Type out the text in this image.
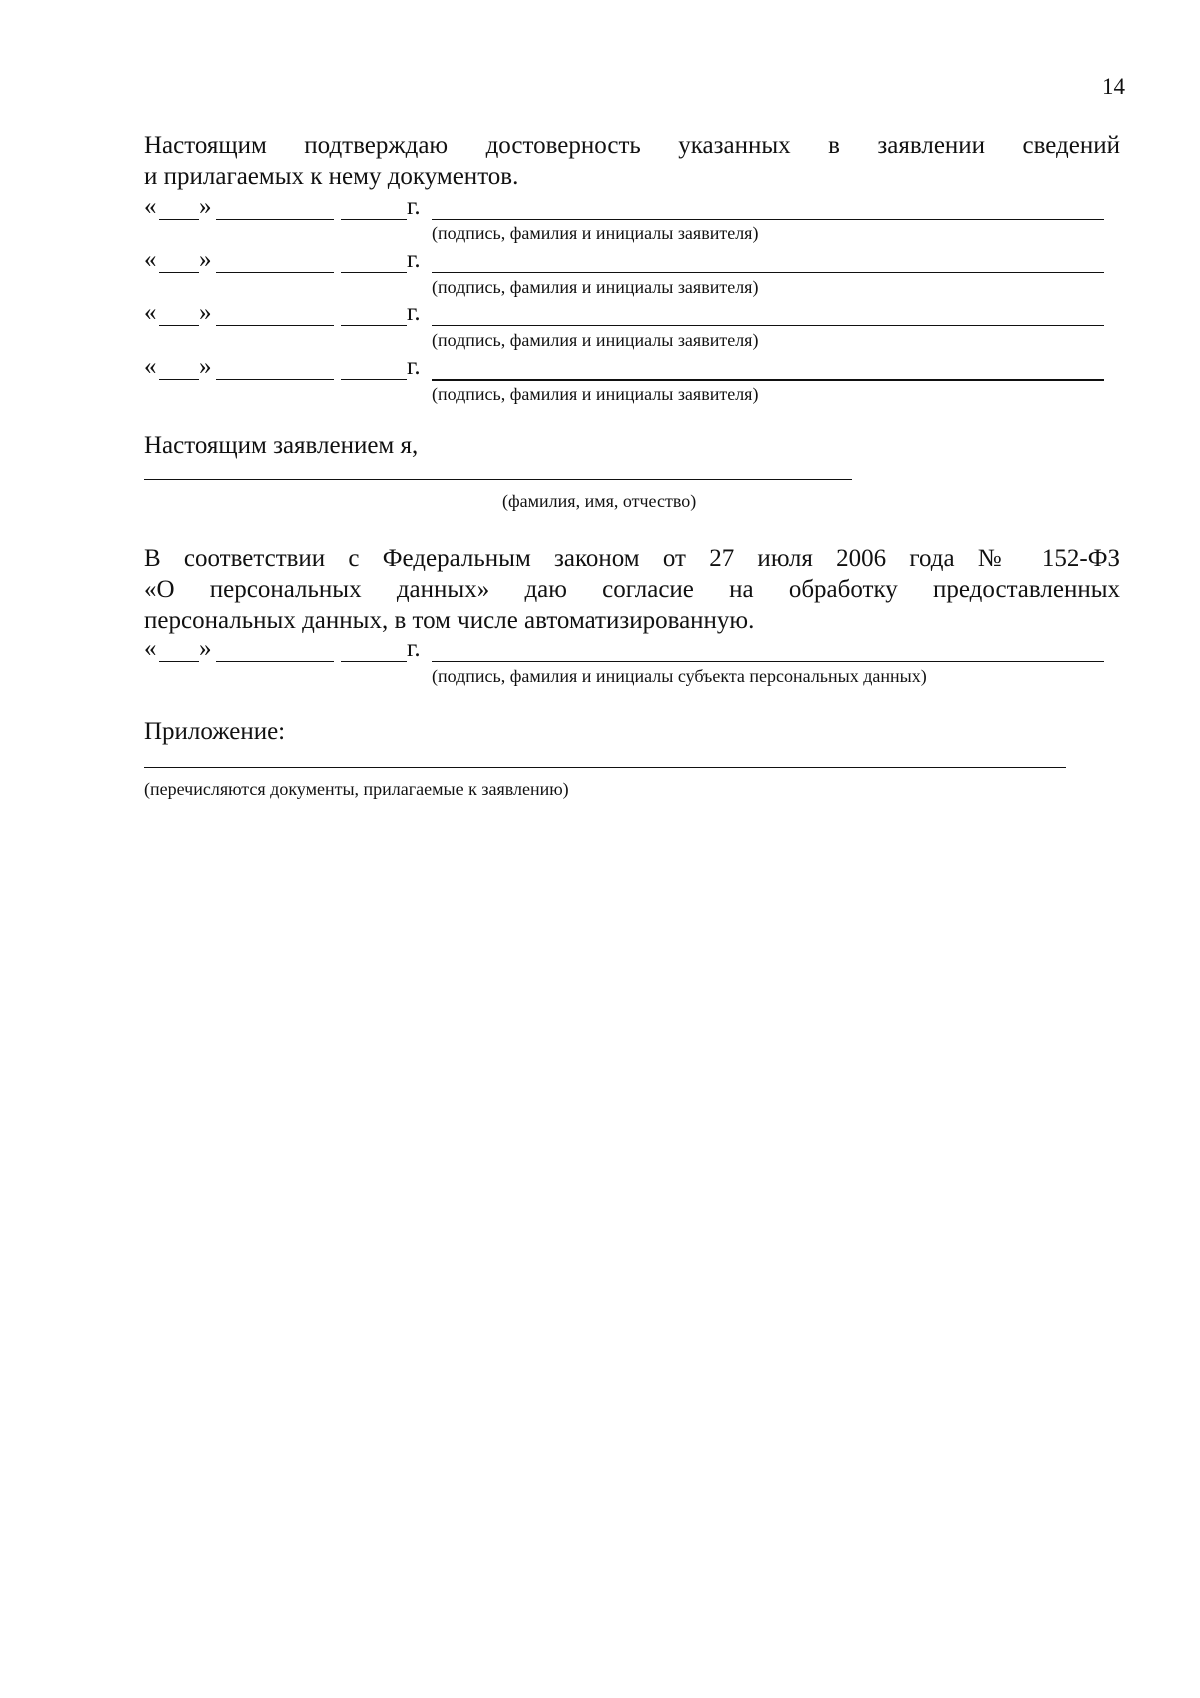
14
Настоящим подтверждаю достоверность указанных в заявлении сведений
и прилагаемых к нему документов.
« »	г.
(подпись, фамилия и инициалы заявителя)
« »	г.
(подпись, фамилия и инициалы заявителя)
« »	г.
(подпись, фамилия и инициалы заявителя)
« »	г.
(подпись, фамилия и инициалы заявителя)
Настоящим заявлением я,
(фамилия, имя, отчество)
В соответствии с Федеральным законом от 27 июля 2006 года № 152-ФЗ
«О персональных данных» даю согласие на обработку предоставленных
персональных данных, в том числе автоматизированную.
« »	г.
(подпись, фамилия и инициалы субъекта персональных данных)
Приложение:
(перечисляются документы, прилагаемые к заявлению)
